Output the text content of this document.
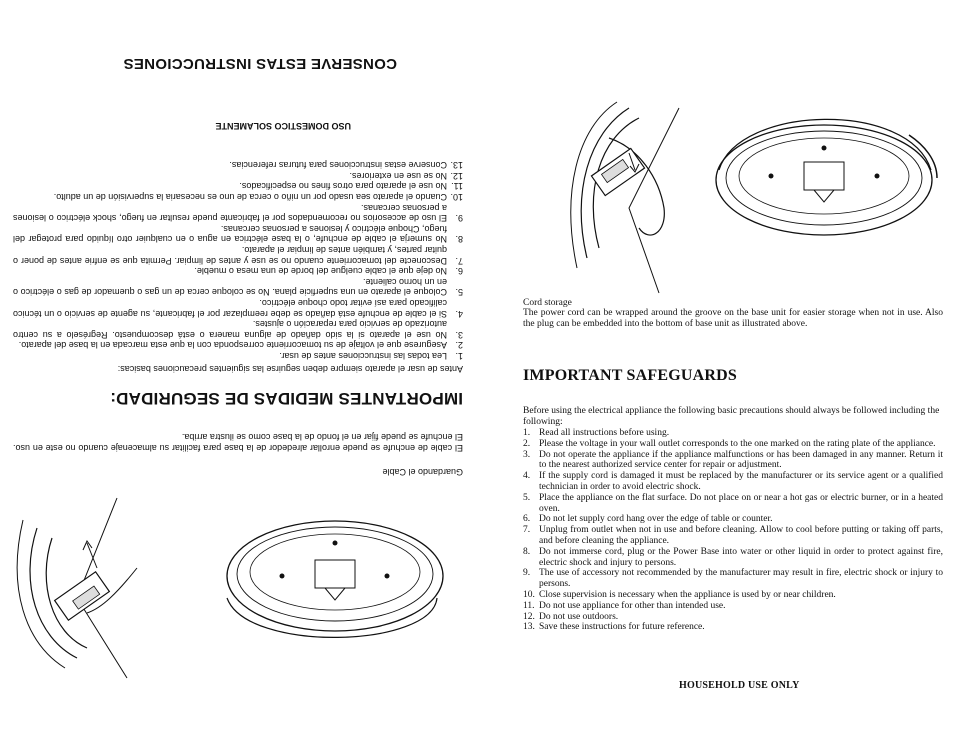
Guardando el Cable
El cable de enchufe se puede enrollar alrededor de la base para facilitar su almacenaje cuando no este en uso. El enchufe se puede fijar en el fondo de la base como se ilustra arriba.
IMPORTANTES MEDIDAS DE SEGURIDAD:
Antes de usar el aparato siempre deben seguirse las siguientes precauciones basicas:
1.
Lea todas las instrucciones antes de usar.
2.
Asegurese que el voltaje de su tomacorriente corresponda con la que esta marcada en la base del aparato.
3.
No use el aparato si la sido dañado de alguna manera o está descompuesto. Regréselo a su centro autorizado de servicio para reparación o ajustes.
4.
Si el cable de enchufe está dañado se debe reemplazar por el fabricante, su agente de servicio o un técnico calificado para así evitar todo choque eléctrico.
5.
Coloque el aparato en una superficie plana. No se coloque cerca de un gas o quemador de gas o eléctrico o en un horno caliente.
6.
No deje que el cable cuelgue del borde de una mesa o mueble.
7.
Desconecte del tomacorriente cuando no se use y antes de limpiar. Permita que se enfrie antes de poner o quitar partes, y también antes de limpiar el aparato.
8.
No sumerja el cable de enchufe, o la base eléctrica en agua o en cualquier otro líquido para protegar del fuego, Choque eléctrico y lesiones a personas cercanas.
9.
El uso de accesorios no recomendados por el fabricante puede resultar en fuego, shock eléctrico o lesiones a personas cercanas.
10.
Cuando el aparato sea usado por un niño o cerca de uno es necesaria la supervisión de un adulto.
11.
No use el aparato para otros fines no especificados.
12.
No se use en exteriores.
13.
Conserve estas instrucciones para futuras referencias.
USO DOMESTICO SOLAMENTE
CONSERVE ESTAS INSTRUCCIONES
Cord storage
The power cord can be wrapped around the groove on the base unit for easier storage when not in use. Also the plug can be embedded into the bottom of base unit as illustrated above.
IMPORTANT SAFEGUARDS
Before using the electrical appliance the following basic precautions should always be followed including the following:
1. Read all instructions before using.
2. Please the voltage in your wall outlet corresponds to the one marked on the rating plate of the appliance.
3. Do not operate the appliance if the appliance malfunctions or has been damaged in any manner. Return it to the nearest authorized service center for repair or adjustment.
4. If the supply cord is damaged it must be replaced by the manufacturer or its service agent or a qualified technician in order to avoid electric shock.
5. Place the appliance on the flat surface. Do not place on or near a hot gas or electric burner, or in a heated oven.
6. Do not let supply cord hang over the edge of table or counter.
7. Unplug from outlet when not in use and before cleaning. Allow to cool before putting or taking off parts, and before cleaning the appliance.
8. Do not immerse cord, plug or the Power Base into water or other liquid in order to protect against fire, electric shock and injury to persons.
9. The use of accessory not recommended by the manufacturer may result in fire, electric shock or injury to persons.
10. Close supervision is necessary when the appliance is used by or near children.
11. Do not use appliance for other than intended use.
12. Do not use outdoors.
13. Save these instructions for future reference.
HOUSEHOLD USE ONLY
